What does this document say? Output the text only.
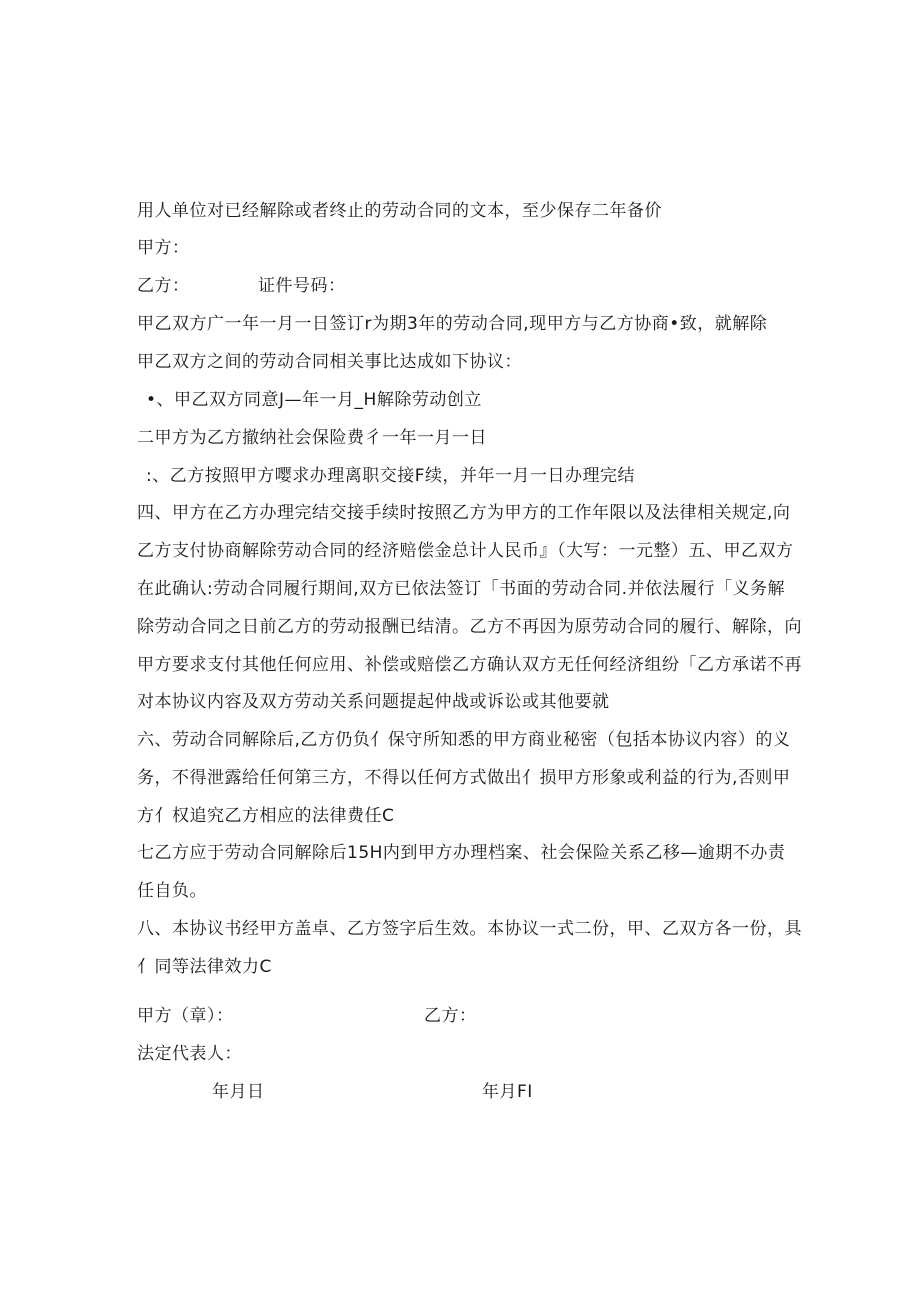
用人单位对已经解除或者终止的劳动合同的文本，至少保存二年备价
甲方：
乙方：	证件号码：
甲乙双方广一年一月一日签订r为期3年的劳动合同,现甲方与乙方协商•致，就解除
甲乙双方之间的劳动合同相关事比达成如下协议：
•、甲乙双方同意J—年一月_H解除劳动创立
二甲方为乙方撤纳社会保险费彳一年一月一日
:、乙方按照甲方嘤求办理离职交接F续，并年一月一日办理完结
四、甲方在乙方办理完结交接手续时按照乙方为甲方的工作年限以及法律相关规定,向
乙方支付协商解除劳动合同的经济赔偿金总计人民币』（大写：一元整）五、甲乙双方
在此确认:劳动合同履行期间,双方已依法签订「书面的劳动合同.并依法履行「义务解
除劳动合同之日前乙方的劳动报酬已结清。乙方不再因为原劳动合同的履行、解除，向
甲方要求支付其他任何应用、补偿或赔偿乙方确认双方无任何经济组纷「乙方承诺不再
对本协议内容及双方劳动关系问题提起仲战或诉讼或其他要就
六、劳动合同解除后,乙方仍负亻保守所知悉的甲方商业秘密（包括本协议内容）的义
务，不得泄露给任何第三方，不得以任何方式做出亻损甲方形象或利益的行为,否则甲
方亻权追究乙方相应的法律费任C
七乙方应于劳动合同解除后15H内到甲方办理档案、社会保险关系乙移—逾期不办责
任自负。
八、本协议书经甲方盖卓、乙方签字后生效。本协议一式二份，甲、乙双方各一份，具
亻同等法律效力C
甲方（章）：	乙方：
法定代表人：
年月日	年月FI
